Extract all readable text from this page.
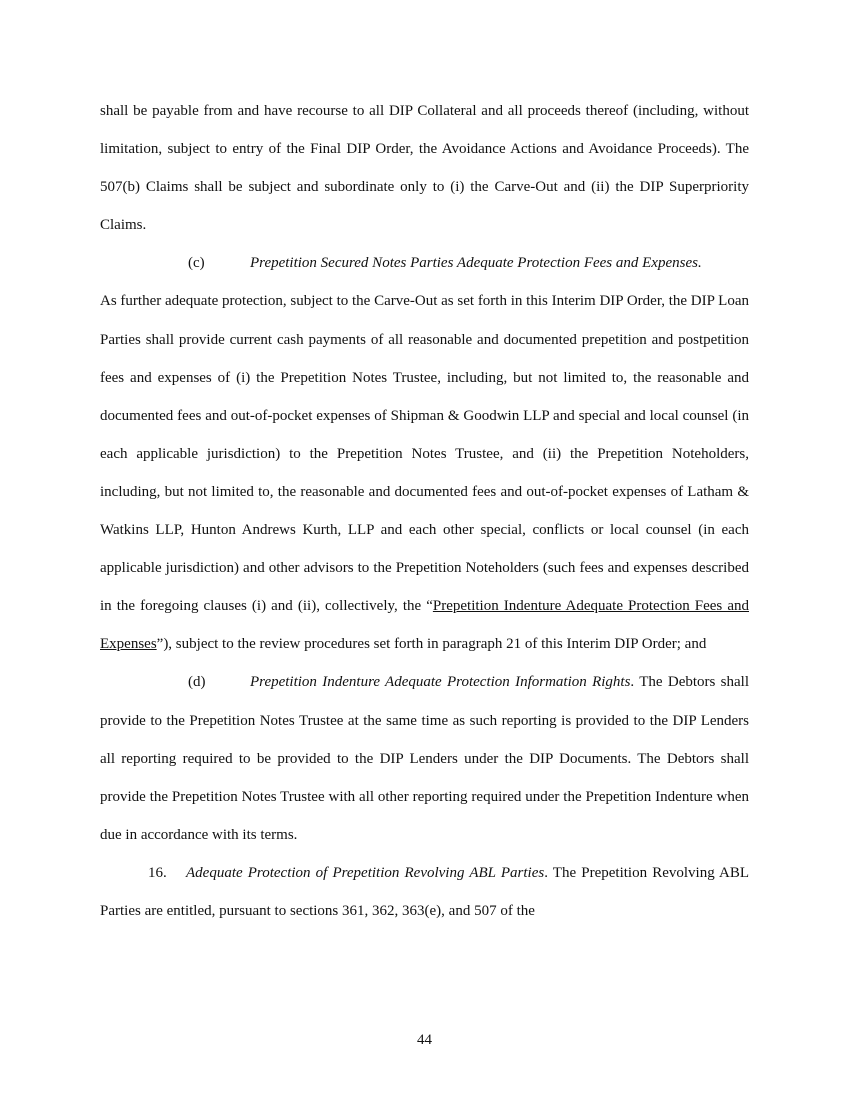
shall be payable from and have recourse to all DIP Collateral and all proceeds thereof (including, without limitation, subject to entry of the Final DIP Order, the Avoidance Actions and Avoidance Proceeds). The 507(b) Claims shall be subject and subordinate only to (i) the Carve-Out and (ii) the DIP Superpriority Claims.

(c)	Prepetition Secured Notes Parties Adequate Protection Fees and Expenses.
As further adequate protection, subject to the Carve-Out as set forth in this Interim DIP Order, the DIP Loan Parties shall provide current cash payments of all reasonable and documented prepetition and postpetition fees and expenses of (i) the Prepetition Notes Trustee, including, but not limited to, the reasonable and documented fees and out-of-pocket expenses of Shipman & Goodwin LLP and special and local counsel (in each applicable jurisdiction) to the Prepetition Notes Trustee, and (ii) the Prepetition Noteholders, including, but not limited to, the reasonable and documented fees and out-of-pocket expenses of Latham & Watkins LLP, Hunton Andrews Kurth, LLP and each other special, conflicts or local counsel (in each applicable jurisdiction) and other advisors to the Prepetition Noteholders (such fees and expenses described in the foregoing clauses (i) and (ii), collectively, the “Prepetition Indenture Adequate Protection Fees and Expenses”), subject to the review procedures set forth in paragraph 21 of this Interim DIP Order; and

(d)	Prepetition Indenture Adequate Protection Information Rights. The Debtors shall provide to the Prepetition Notes Trustee at the same time as such reporting is provided to the DIP Lenders all reporting required to be provided to the DIP Lenders under the DIP Documents. The Debtors shall provide the Prepetition Notes Trustee with all other reporting required under the Prepetition Indenture when due in accordance with its terms.

16. Adequate Protection of Prepetition Revolving ABL Parties. The Prepetition Revolving ABL Parties are entitled, pursuant to sections 361, 362, 363(e), and 507 of the

44
